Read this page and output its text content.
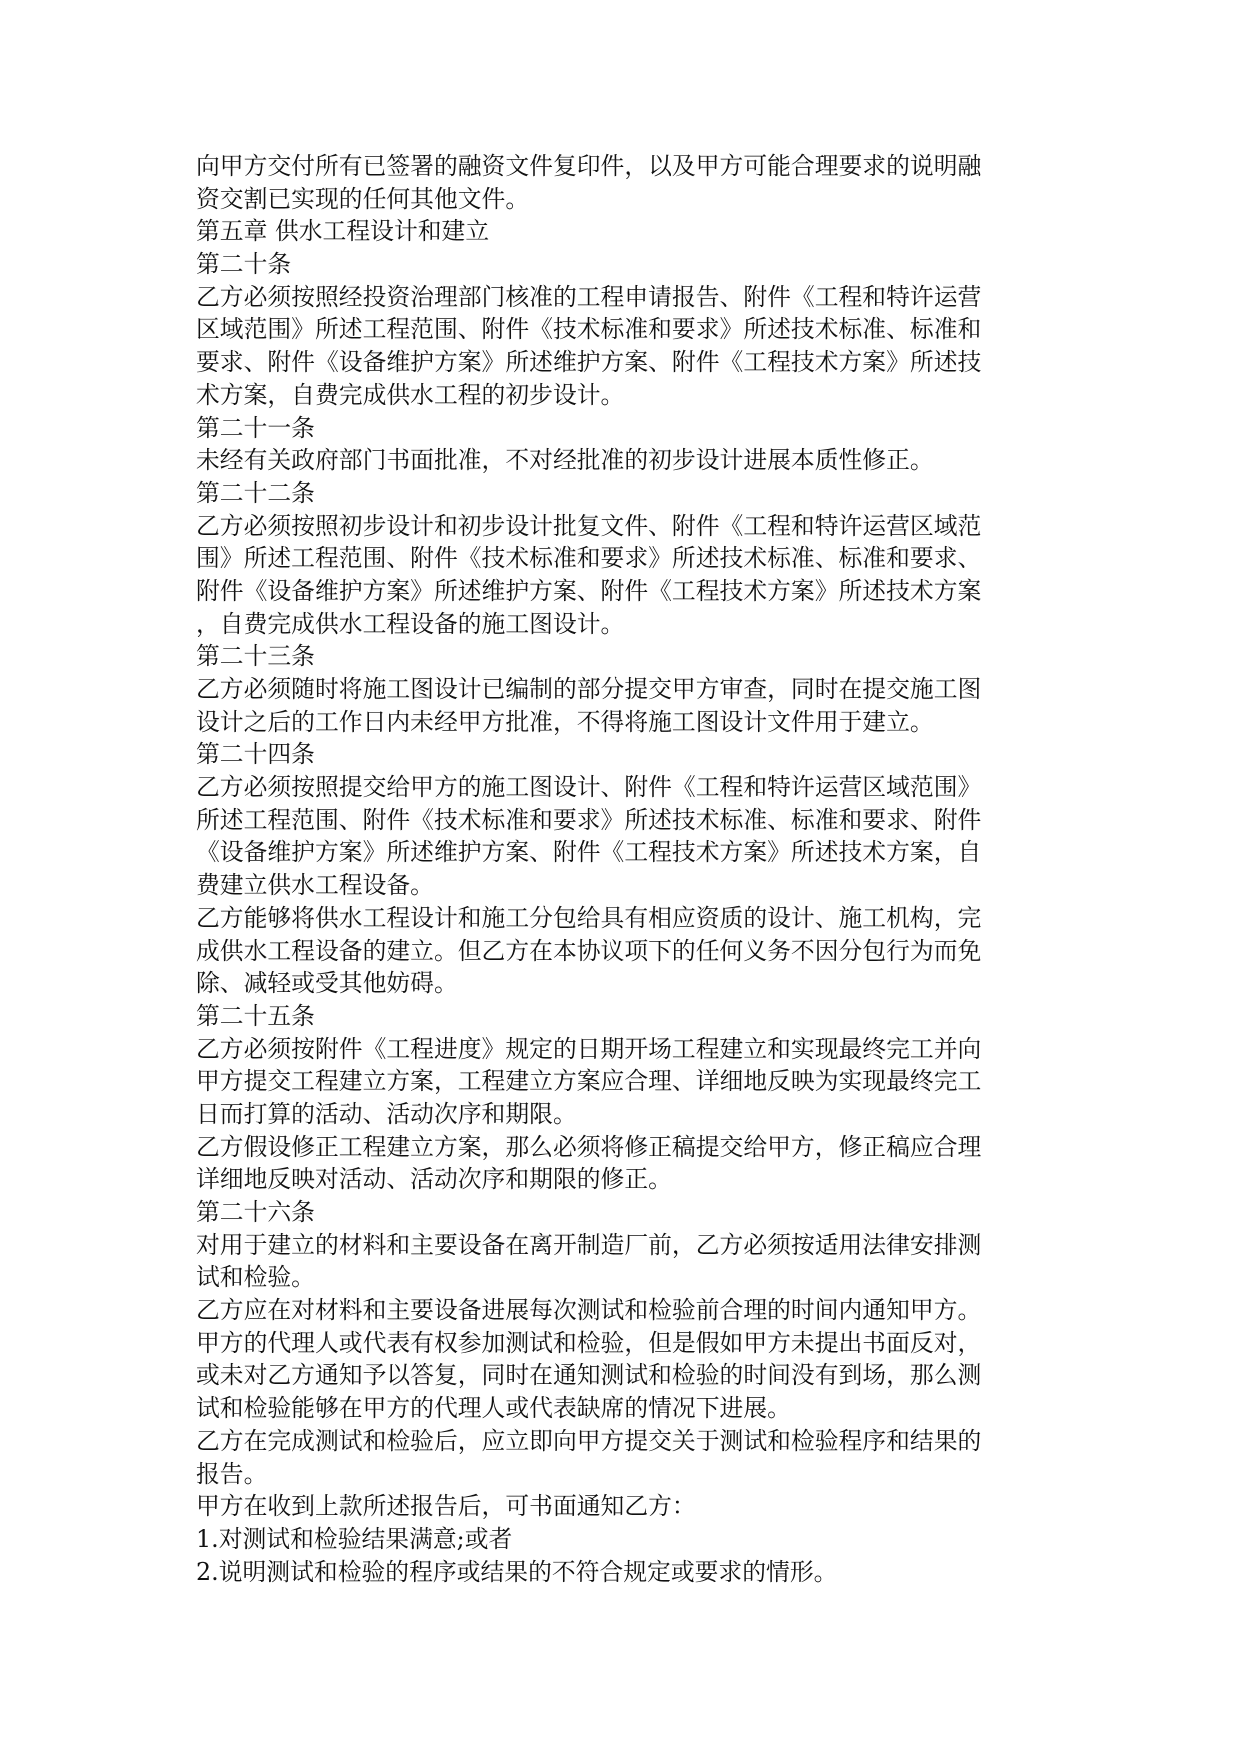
向甲方交付所有已签署的融资文件复印件，以及甲方可能合理要求的说明融
资交割已实现的任何其他文件。
第五章 供水工程设计和建立
第二十条
乙方必须按照经投资治理部门核准的工程申请报告、附件《工程和特许运营
区域范围》所述工程范围、附件《技术标准和要求》所述技术标准、标准和
要求、附件《设备维护方案》所述维护方案、附件《工程技术方案》所述技
术方案，自费完成供水工程的初步设计。
第二十一条
未经有关政府部门书面批准，不对经批准的初步设计进展本质性修正。
第二十二条
乙方必须按照初步设计和初步设计批复文件、附件《工程和特许运营区域范
围》所述工程范围、附件《技术标准和要求》所述技术标准、标准和要求、
附件《设备维护方案》所述维护方案、附件《工程技术方案》所述技术方案
，自费完成供水工程设备的施工图设计。
第二十三条
乙方必须随时将施工图设计已编制的部分提交甲方审查，同时在提交施工图
设计之后的工作日内未经甲方批准，不得将施工图设计文件用于建立。
第二十四条
乙方必须按照提交给甲方的施工图设计、附件《工程和特许运营区域范围》
所述工程范围、附件《技术标准和要求》所述技术标准、标准和要求、附件
《设备维护方案》所述维护方案、附件《工程技术方案》所述技术方案，自
费建立供水工程设备。
乙方能够将供水工程设计和施工分包给具有相应资质的设计、施工机构，完
成供水工程设备的建立。但乙方在本协议项下的任何义务不因分包行为而免
除、减轻或受其他妨碍。
第二十五条
乙方必须按附件《工程进度》规定的日期开场工程建立和实现最终完工并向
甲方提交工程建立方案，工程建立方案应合理、详细地反映为实现最终完工
日而打算的活动、活动次序和期限。
乙方假设修正工程建立方案，那么必须将修正稿提交给甲方，修正稿应合理
详细地反映对活动、活动次序和期限的修正。
第二十六条
对用于建立的材料和主要设备在离开制造厂前，乙方必须按适用法律安排测
试和检验。
乙方应在对材料和主要设备进展每次测试和检验前合理的时间内通知甲方。
甲方的代理人或代表有权参加测试和检验，但是假如甲方未提出书面反对，
或未对乙方通知予以答复，同时在通知测试和检验的时间没有到场，那么测
试和检验能够在甲方的代理人或代表缺席的情况下进展。
乙方在完成测试和检验后，应立即向甲方提交关于测试和检验程序和结果的
报告。
甲方在收到上款所述报告后，可书面通知乙方：
1.对测试和检验结果满意;或者
2.说明测试和检验的程序或结果的不符合规定或要求的情形。
